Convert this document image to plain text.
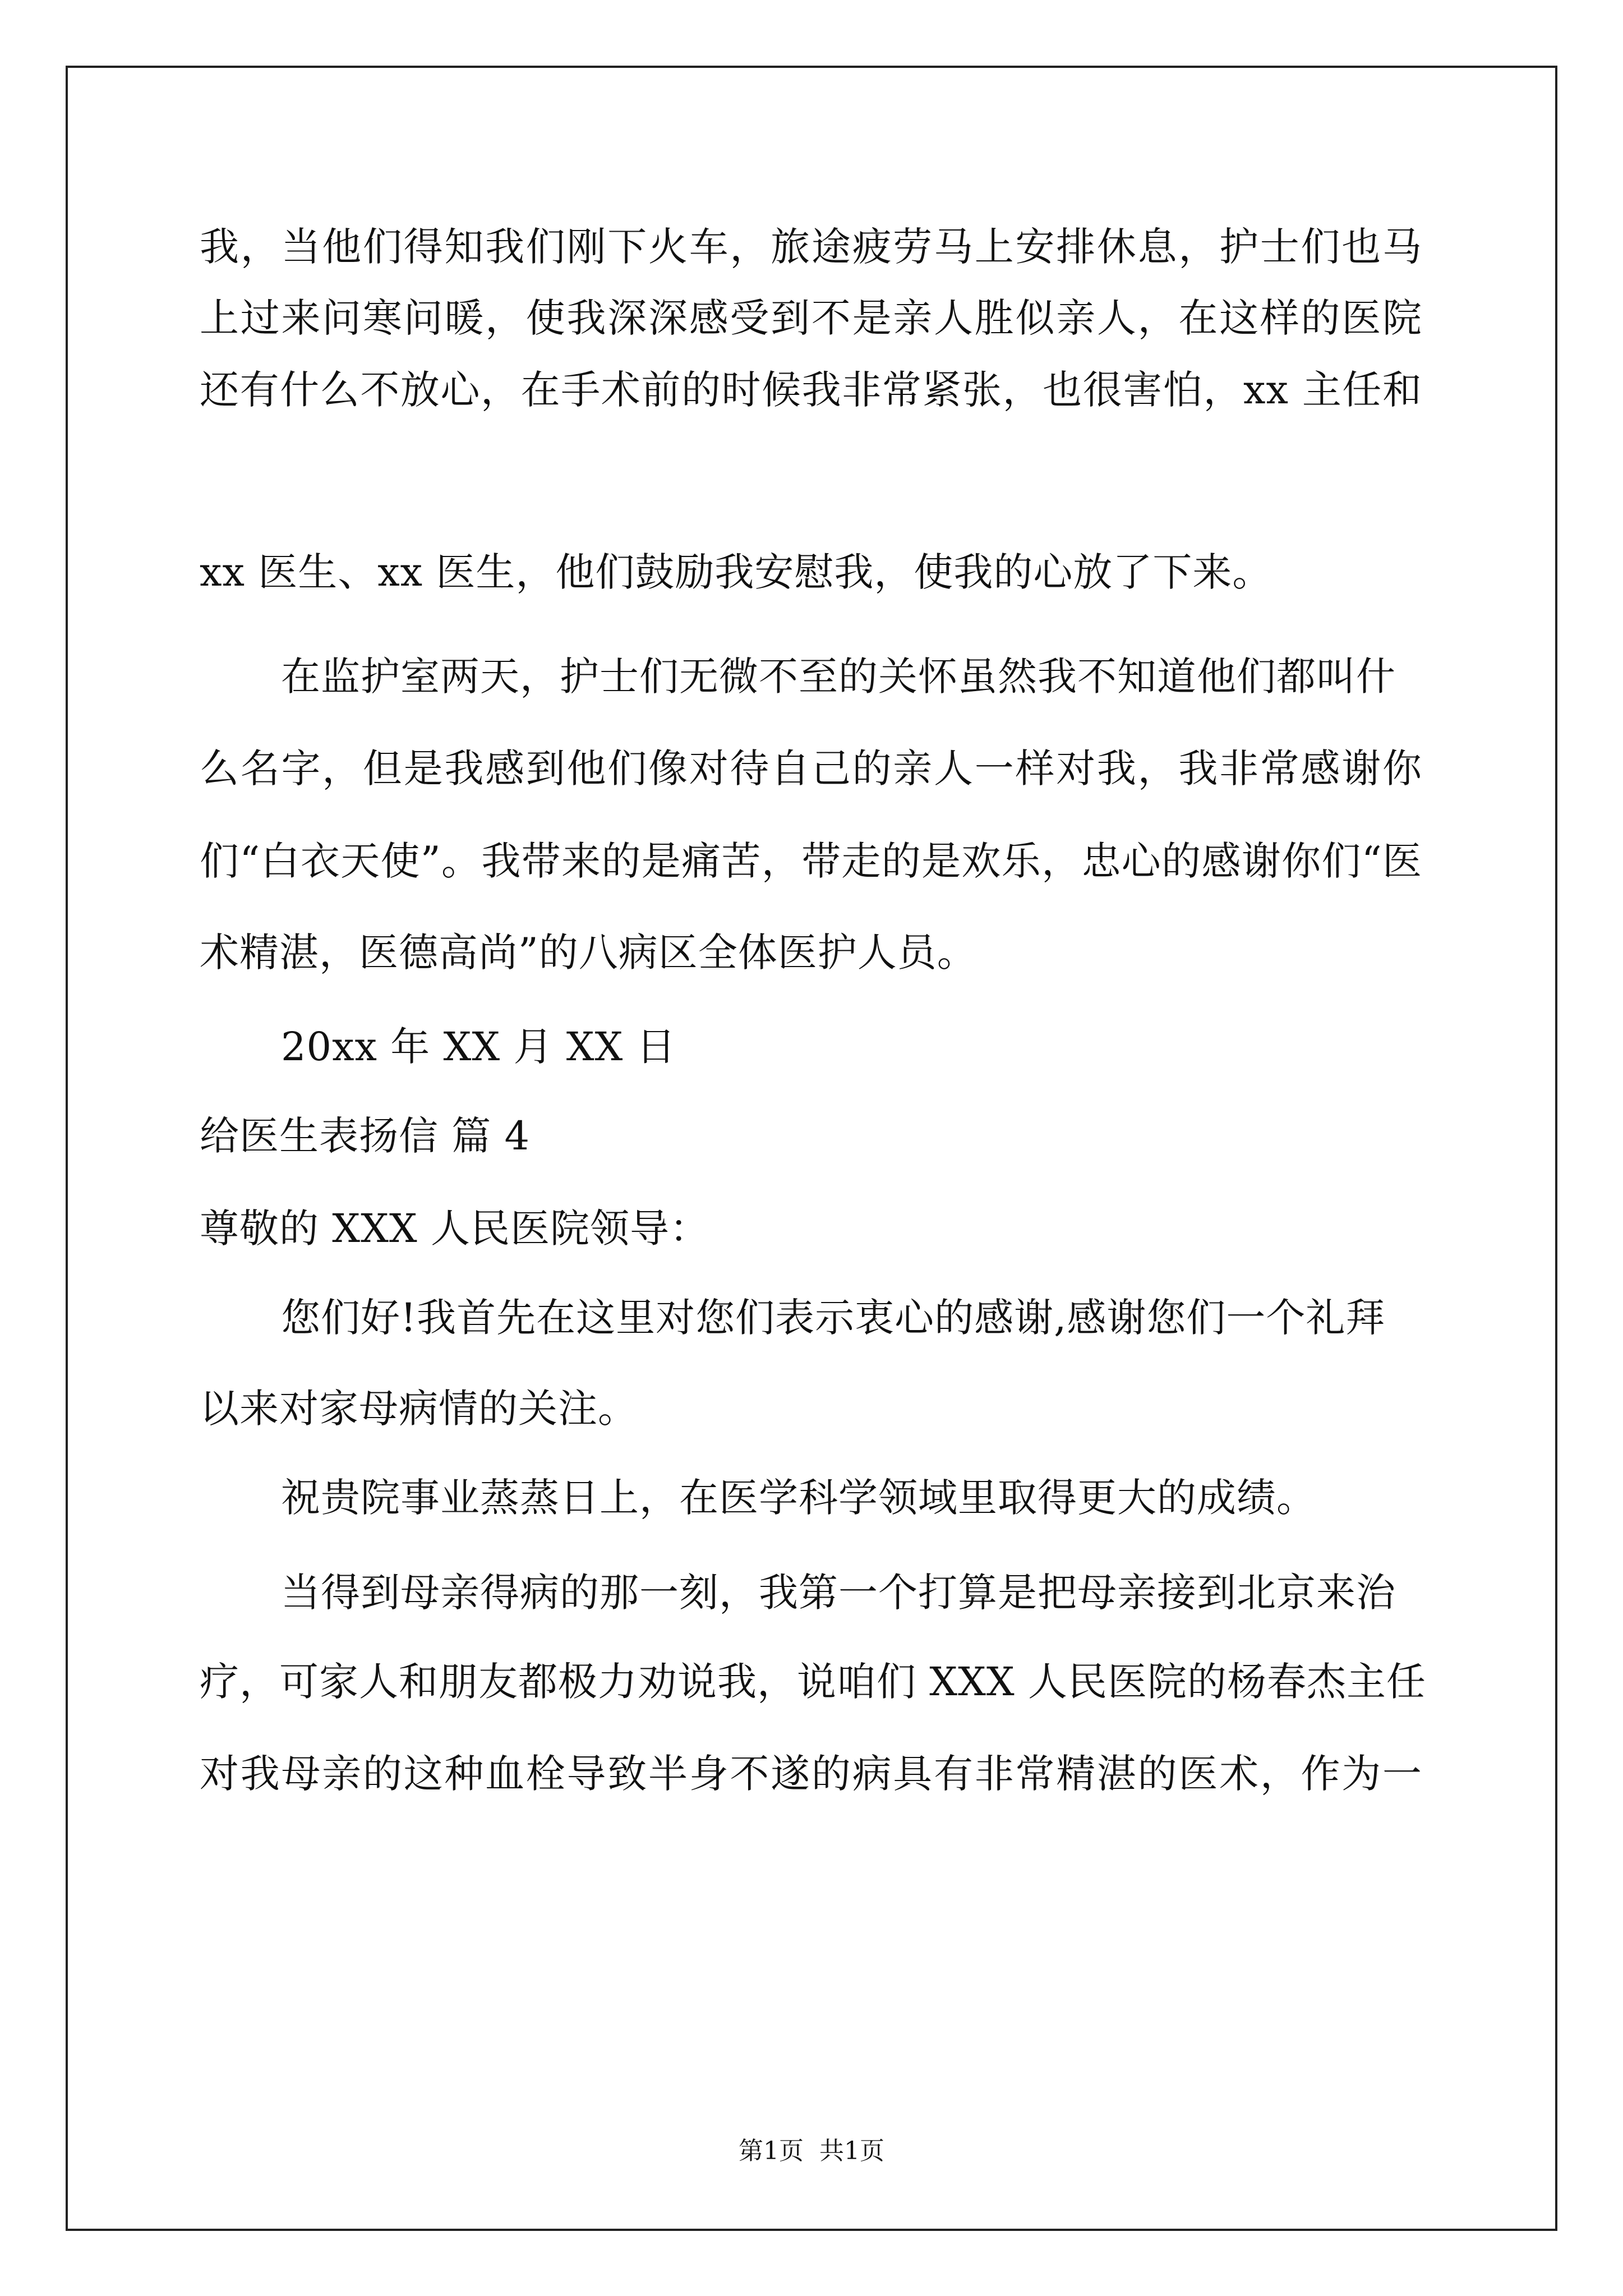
我，当他们得知我们刚下火车，旅途疲劳马上安排休息，护士们也马
上过来问寒问暖，使我深深感受到不是亲人胜似亲人，在这样的医院
还有什么不放心，在手术前的时候我非常紧张，也很害怕，xx 主任和
xx 医生、xx 医生，他们鼓励我安慰我，使我的心放了下来。
在监护室两天，护士们无微不至的关怀虽然我不知道他们都叫什
么名字，但是我感到他们像对待自己的亲人一样对我，我非常感谢你
们“白衣天使”。我带来的是痛苦，带走的是欢乐，忠心的感谢你们“医
术精湛，医德高尚”的八病区全体医护人员。
20xx 年 XX 月 XX 日
给医生表扬信 篇 4
尊敬的 XXX 人民医院领导：
您们好!我首先在这里对您们表示衷心的感谢,感谢您们一个礼拜
以来对家母病情的关注。
祝贵院事业蒸蒸日上，在医学科学领域里取得更大的成绩。
当得到母亲得病的那一刻，我第一个打算是把母亲接到北京来治
疗，可家人和朋友都极力劝说我，说咱们 XXX 人民医院的杨春杰主任
对我母亲的这种血栓导致半身不遂的病具有非常精湛的医术，作为一
第1页 共1页
